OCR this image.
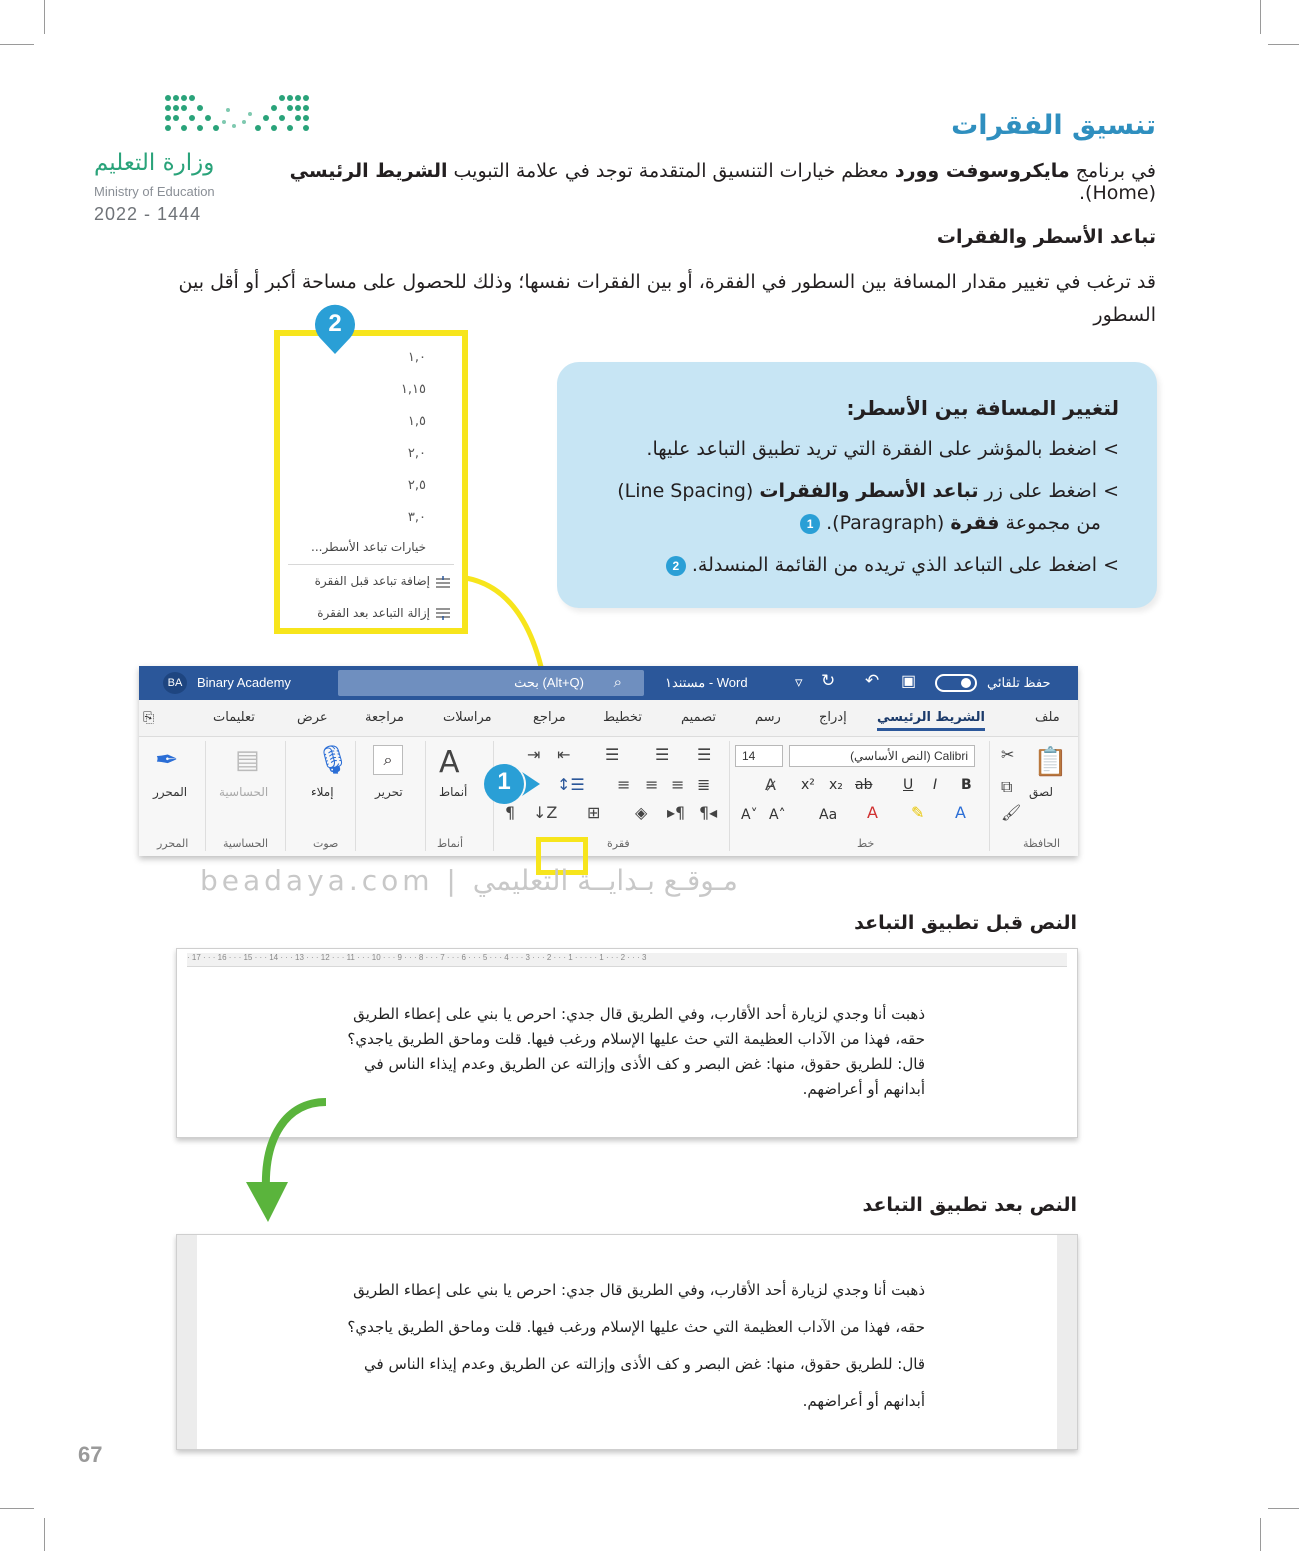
وزارة التعليم
Ministry of Education
2022 - 1444
تنسيق الفقرات
في برنامج مايكروسوفت وورد معظم خيارات التنسيق المتقدمة توجد في علامة التبويب الشريط الرئيسي (Home).
تباعد الأسطر والفقرات
قد ترغب في تغيير مقدار المسافة بين السطور في الفقرة، أو بين الفقرات نفسها؛ وذلك للحصول على مساحة أكبر أو أقل بين السطور
لتغيير المسافة بين الأسطر:
> اضغط بالمؤشر على الفقرة التي تريد تطبيق التباعد عليها.
> اضغط على زر تباعد الأسطر والفقرات (Line Spacing)
من مجموعة فقرة (Paragraph). 1
> اضغط على التباعد الذي تريده من القائمة المنسدلة. 2
١,٠
١,١٥
١,٥
٢,٠
٢,٥
٣,٠
خيارات تباعد الأسطر...
إضافة تباعد قبل الفقرة
إزالة التباعد بعد الفقرة
2
BA	Binary Academy	بحث (Alt+Q) ⌕	مستند١ - Word	▿ ↻ ↶ ▣	حفظ تلقائي
ملف
الشريط الرئيسي
إدراج
رسم
تصميم
تخطيط
مراجع
مراسلات
مراجعة
عرض
تعليمات
⎘
📋
لصق
✂
⧉
🖌
الحافظة
Calibri (النص الأساسي)
14
B
I
U
ab
x₂
x²
A̷
A
✎
A
Aa
A˄
A˅
خط
☰
☰
☰
⇤
⇥
≣
≡
≡
≡
↕☰
¶◂
▸¶
◈
⊞
↓Z
¶
فقرة
A
أنماط
أنماط
⌕
تحرير
🎙
إملاء
صوت
▤
الحساسية
الحساسية
✒
المحرر
المحرر
1
beadaya.com | مـوقـع بـدايــة التعليمي
النص قبل تطبيق التباعد
· 17 · · · 16 · · · 15 · · · 14 · · · 13 · · · 12 · · · 11 · · · 10 · · · 9 · · · 8 · · · 7 · · · 6 · · · 5 · · · 4 · · · 3 · · · 2 · · · 1 · · · · · 1 · · · 2 · · · 3
ذهبت أنا وجدي لزيارة أحد الأقارب، وفي الطريق قال جدي: احرص يا بني على إعطاء الطريق
حقه، فهذا من الآداب العظيمة التي حث عليها الإسلام ورغب فيها. قلت وماحق الطريق ياجدي؟
قال: للطريق حقوق، منها: غض البصر و كف الأذى وإزالته عن الطريق وعدم إيذاء الناس في
أبدانهم أو أعراضهم.
النص بعد تطبيق التباعد
ذهبت أنا وجدي لزيارة أحد الأقارب، وفي الطريق قال جدي: احرص يا بني على إعطاء الطريق
حقه، فهذا من الآداب العظيمة التي حث عليها الإسلام ورغب فيها. قلت وماحق الطريق ياجدي؟
قال: للطريق حقوق، منها: غض البصر و كف الأذى وإزالته عن الطريق وعدم إيذاء الناس في
أبدانهم أو أعراضهم.
67
